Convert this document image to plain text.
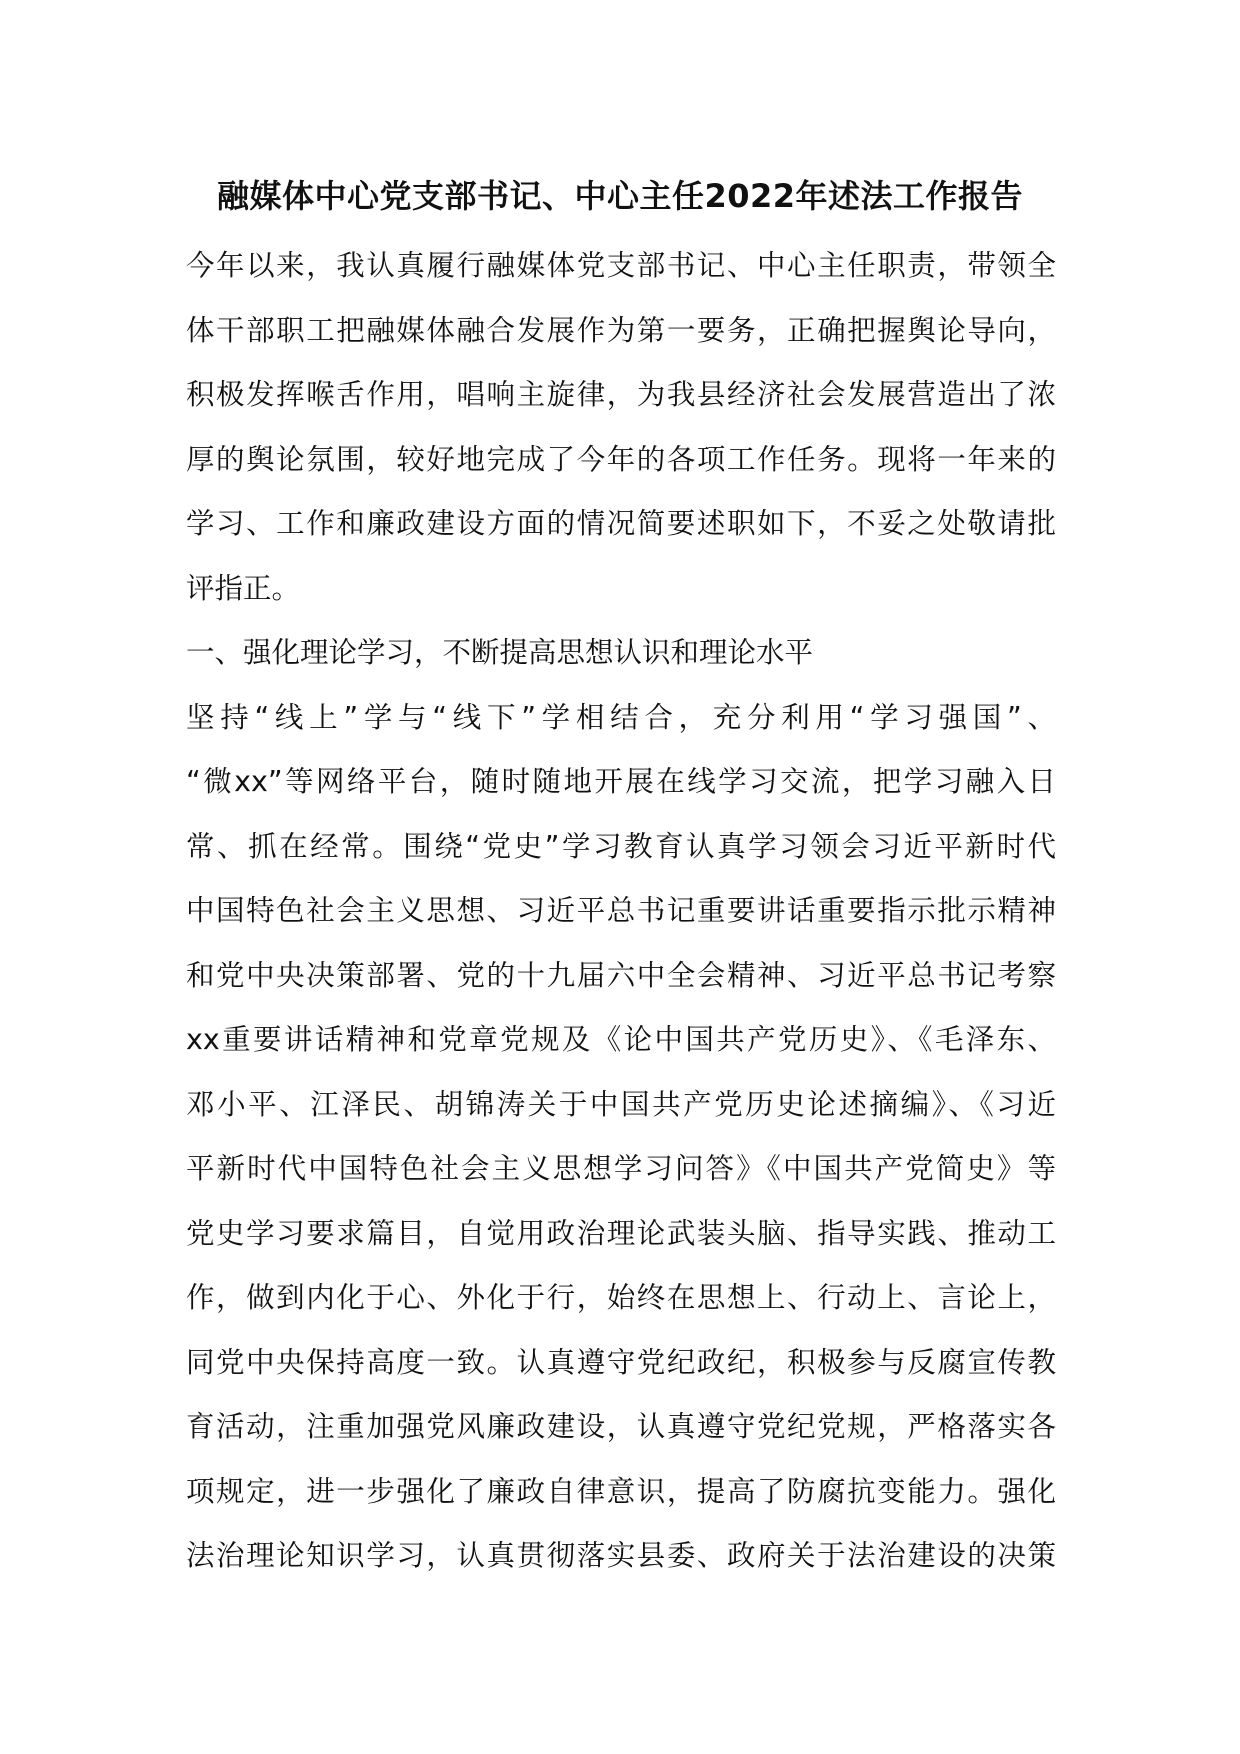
融媒体中心党支部书记、中心主任2022年述法工作报告
今年以来，我认真履行融媒体党支部书记、中心主任职责，带领全
体干部职工把融媒体融合发展作为第一要务，正确把握舆论导向，
积极发挥喉舌作用，唱响主旋律，为我县经济社会发展营造出了浓
厚的舆论氛围，较好地完成了今年的各项工作任务。现将一年来的
学习、工作和廉政建设方面的情况简要述职如下，不妥之处敬请批
评指正。
一、强化理论学习，不断提高思想认识和理论水平
坚持“线上”学与“线下”学相结合，充分利用“学习强国”、
“微xx”等网络平台，随时随地开展在线学习交流，把学习融入日
常、抓在经常。围绕“党史”学习教育认真学习领会习近平新时代
中国特色社会主义思想、习近平总书记重要讲话重要指示批示精神
和党中央决策部署、党的十九届六中全会精神、习近平总书记考察
xx重要讲话精神和党章党规及《论中国共产党历史》、《毛泽东、
邓小平、江泽民、胡锦涛关于中国共产党历史论述摘编》、《习近
平新时代中国特色社会主义思想学习问答》《中国共产党简史》等
党史学习要求篇目，自觉用政治理论武装头脑、指导实践、推动工
作，做到内化于心、外化于行，始终在思想上、行动上、言论上，
同党中央保持高度一致。认真遵守党纪政纪，积极参与反腐宣传教
育活动，注重加强党风廉政建设，认真遵守党纪党规，严格落实各
项规定，进一步强化了廉政自律意识，提高了防腐抗变能力。强化
法治理论知识学习，认真贯彻落实县委、政府关于法治建设的决策
